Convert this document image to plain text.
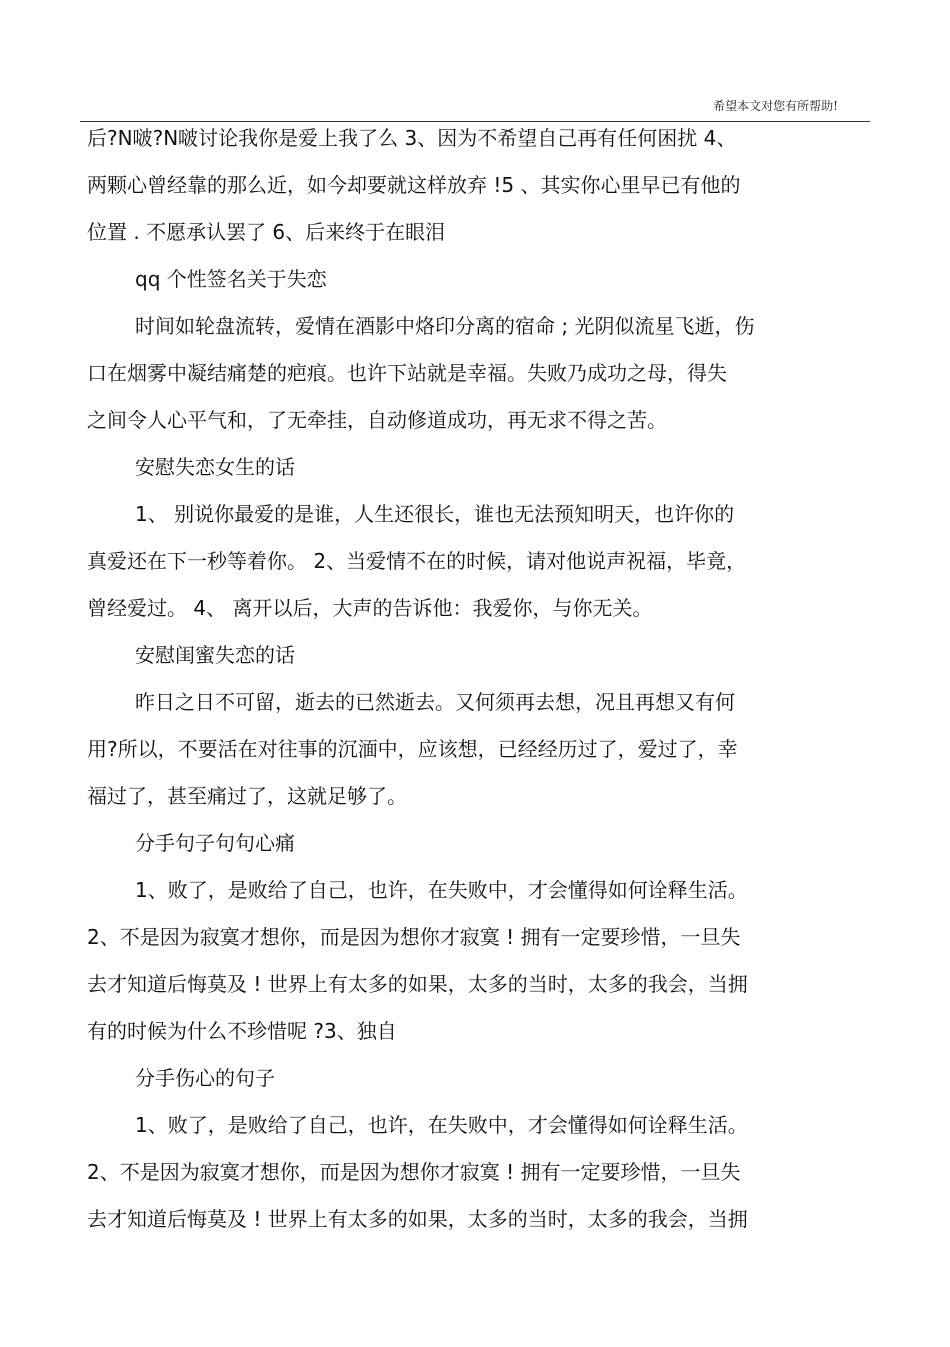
希望本文对您有所帮助!
后?N啵?N啵讨论我你是爱上我了么 3、因为不希望自己再有任何困扰 4、
两颗心曾经靠的那么近，如今却要就这样放弃 !5 、其实你心里早已有他的
位置 . 不愿承认罢了 6、后来终于在眼泪
qq 个性签名关于失恋
时间如轮盘流转，爱情在酒影中烙印分离的宿命 ; 光阴似流星飞逝，伤
口在烟雾中凝结痛楚的疤痕。也许下站就是幸福。失败乃成功之母，得失
之间令人心平气和，了无牵挂，自动修道成功，再无求不得之苦。
安慰失恋女生的话
1、 别说你最爱的是谁，人生还很长，谁也无法预知明天，也许你的
真爱还在下一秒等着你。 2、当爱情不在的时候，请对他说声祝福，毕竟，
曾经爱过。 4、 离开以后，大声的告诉他：我爱你，与你无关。
安慰闺蜜失恋的话
昨日之日不可留，逝去的已然逝去。又何须再去想，况且再想又有何
用?所以，不要活在对往事的沉湎中，应该想，已经经历过了，爱过了，幸
福过了，甚至痛过了，这就足够了。
分手句子句句心痛
1、败了，是败给了自己，也许，在失败中，才会懂得如何诠释生活。
2、不是因为寂寞才想你，而是因为想你才寂寞 ! 拥有一定要珍惜，一旦失
去才知道后悔莫及 ! 世界上有太多的如果，太多的当时，太多的我会，当拥
有的时候为什么不珍惜呢 ?3、独自
分手伤心的句子
1、败了，是败给了自己，也许，在失败中，才会懂得如何诠释生活。
2、不是因为寂寞才想你，而是因为想你才寂寞 ! 拥有一定要珍惜，一旦失
去才知道后悔莫及 ! 世界上有太多的如果，太多的当时，太多的我会，当拥
